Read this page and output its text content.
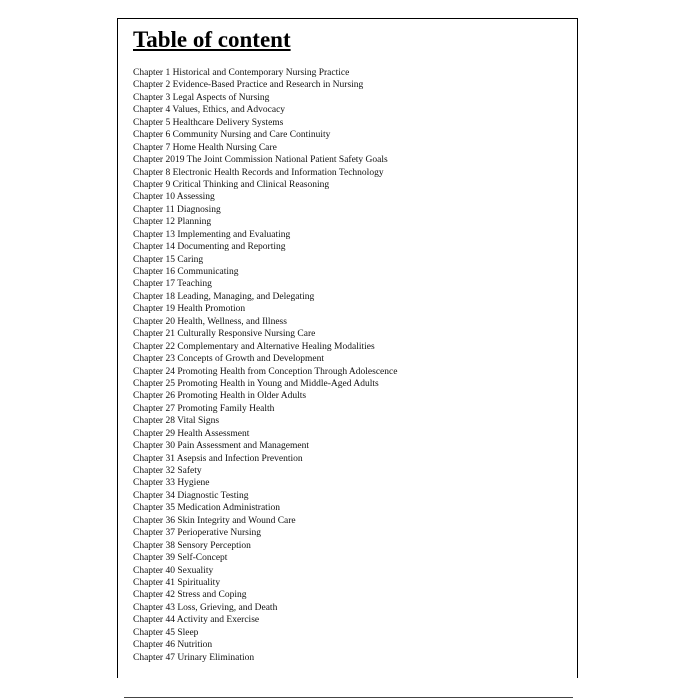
Table of content
Chapter 1 Historical and Contemporary Nursing Practice
Chapter 2 Evidence-Based Practice and Research in Nursing
Chapter 3 Legal Aspects of Nursing
Chapter 4 Values, Ethics, and Advocacy
Chapter 5 Healthcare Delivery Systems
Chapter 6 Community Nursing and Care Continuity
Chapter 7 Home Health Nursing Care
Chapter 2019 The Joint Commission National Patient Safety Goals
Chapter 8 Electronic Health Records and Information Technology
Chapter 9 Critical Thinking and Clinical Reasoning
Chapter 10 Assessing
Chapter 11 Diagnosing
Chapter 12 Planning
Chapter 13 Implementing and Evaluating
Chapter 14 Documenting and Reporting
Chapter 15 Caring
Chapter 16 Communicating
Chapter 17 Teaching
Chapter 18 Leading, Managing, and Delegating
Chapter 19 Health Promotion
Chapter 20 Health, Wellness, and Illness
Chapter 21 Culturally Responsive Nursing Care
Chapter 22 Complementary and Alternative Healing Modalities
Chapter 23 Concepts of Growth and Development
Chapter 24 Promoting Health from Conception Through Adolescence
Chapter 25 Promoting Health in Young and Middle-Aged Adults
Chapter 26 Promoting Health in Older Adults
Chapter 27 Promoting Family Health
Chapter 28 Vital Signs
Chapter 29 Health Assessment
Chapter 30 Pain Assessment and Management
Chapter 31 Asepsis and Infection Prevention
Chapter 32 Safety
Chapter 33 Hygiene
Chapter 34 Diagnostic Testing
Chapter 35 Medication Administration
Chapter 36 Skin Integrity and Wound Care
Chapter 37 Perioperative Nursing
Chapter 38 Sensory Perception
Chapter 39 Self-Concept
Chapter 40 Sexuality
Chapter 41 Spirituality
Chapter 42 Stress and Coping
Chapter 43 Loss, Grieving, and Death
Chapter 44 Activity and Exercise
Chapter 45 Sleep
Chapter 46 Nutrition
Chapter 47 Urinary Elimination
